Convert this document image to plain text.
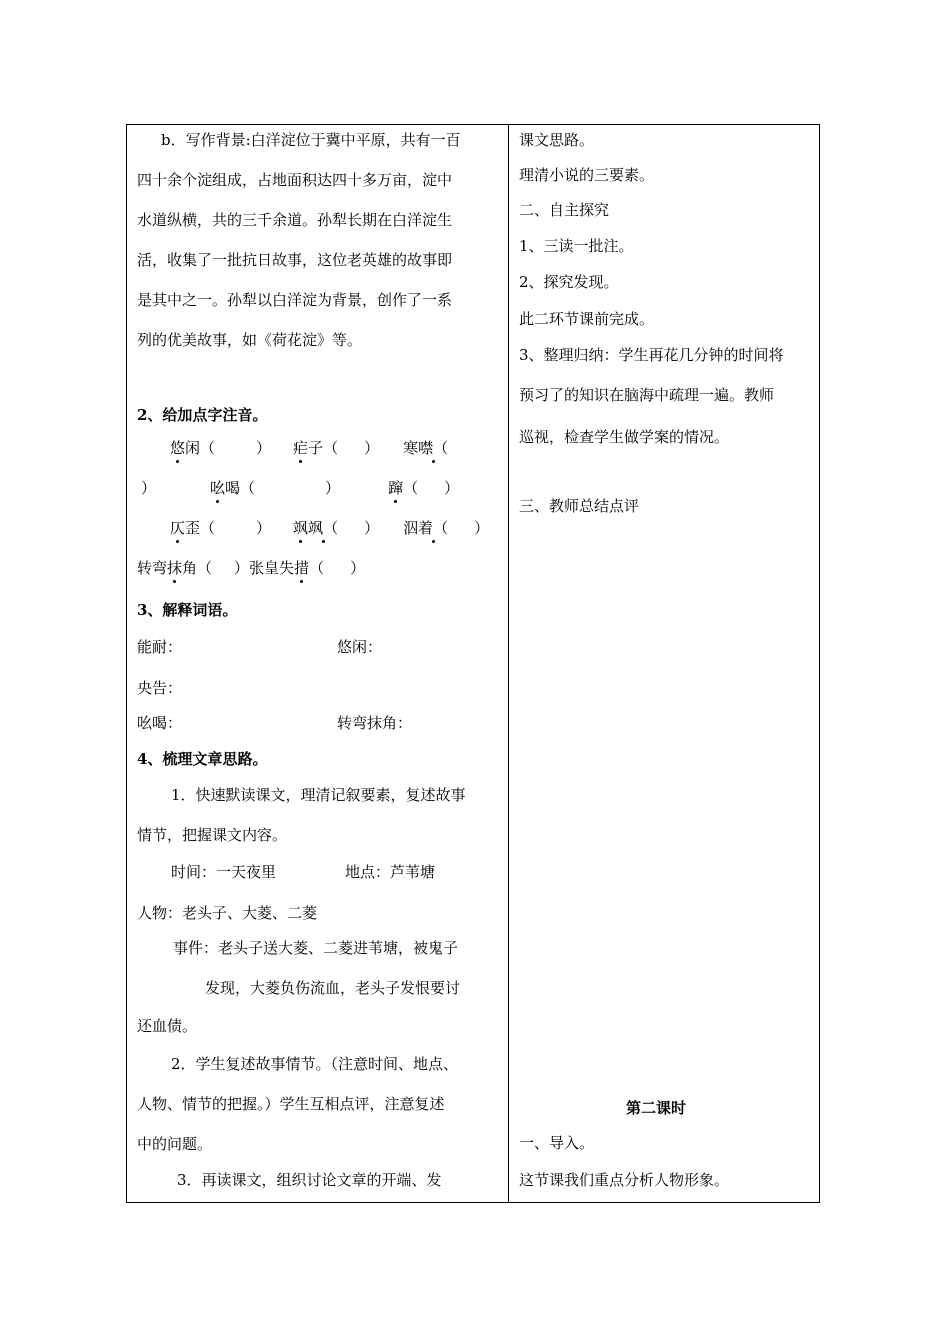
b．写作背景:白洋淀位于冀中平原，共有一百
四十余个淀组成，占地面积达四十多万亩，淀中
水道纵横，共的三千余道。孙犁长期在白洋淀生
活，收集了一批抗日故事，这位老英雄的故事即
是其中之一。孙犁以白洋淀为背景，创作了一系
列的优美故事，如《荷花淀》等。
2、给加点字注音。
悠闲（	） 疟子（ ） 寒噤（
）	吆喝（	）	蹿（ ）
仄歪（	） 飒飒（ ） 泅着（ ）
转弯抹角（ ）张皇失措（ ）
3、解释词语。
能耐：	悠闲：
央告：
吆喝：	转弯抹角：
4、梳理文章思路。
1．快速默读课文，理清记叙要素，复述故事
情节，把握课文内容。
时间：一天夜里	地点：芦苇塘
人物：老头子、大菱、二菱
事件：老头子送大菱、二菱进苇塘，被鬼子
发现，大菱负伤流血，老头子发恨要讨
还血债。
2．学生复述故事情节。（注意时间、地点、
人物、情节的把握。）学生互相点评，注意复述
中的问题。
3．再读课文，组织讨论文章的开端、发
课文思路。
理清小说的三要素。
二、自主探究
1、三读一批注。
2、探究发现。
此二环节课前完成。
3、整理归纳：学生再花几分钟的时间将
预习了的知识在脑海中疏理一遍。教师
巡视，检查学生做学案的情况。
三、教师总结点评
第二课时
一、导入。
这节课我们重点分析人物形象。
